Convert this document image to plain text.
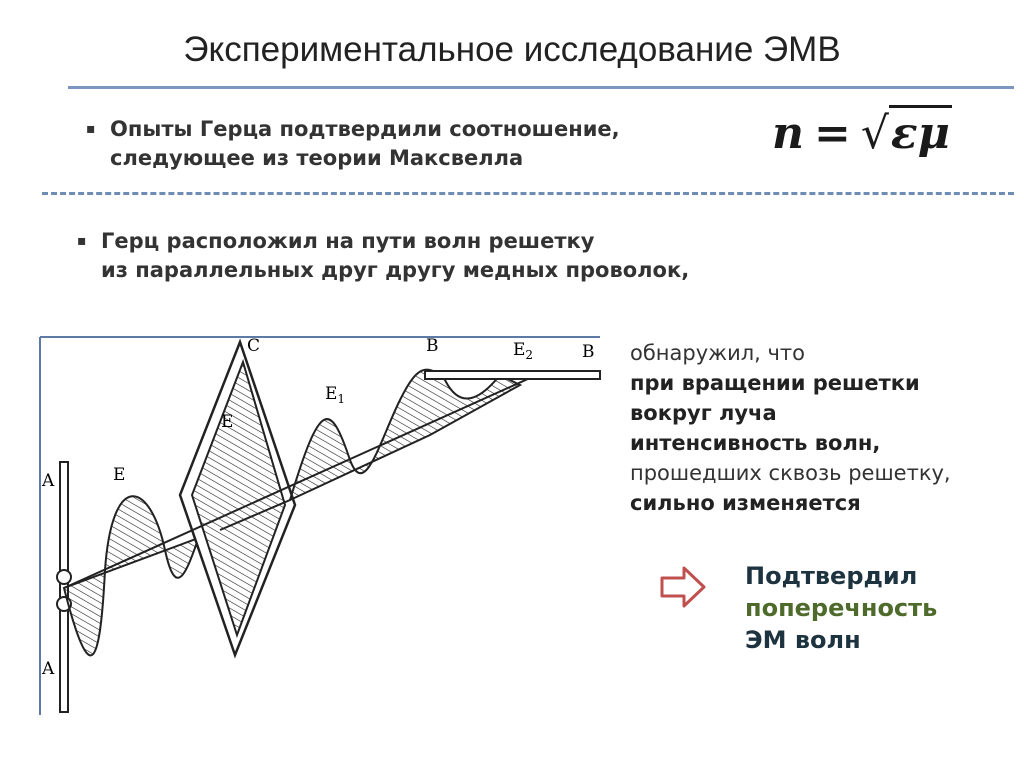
Экспериментальное исследование ЭМВ
▪ Опыты Герца подтвердили соотношение,
следующее из теории Максвелла	n = √εμ
▪ Герц расположил на пути волн решетку
из параллельных друг другу медных проволок,
A
A
E
E
C
$E_1$
B	$E_2$	B обнаружил, что
при вращении решетки
вокруг луча
интенсивность волн,
прошедших сквозь решетку,
сильно изменяется
Подтвердил
поперечность
ЭМ волн
